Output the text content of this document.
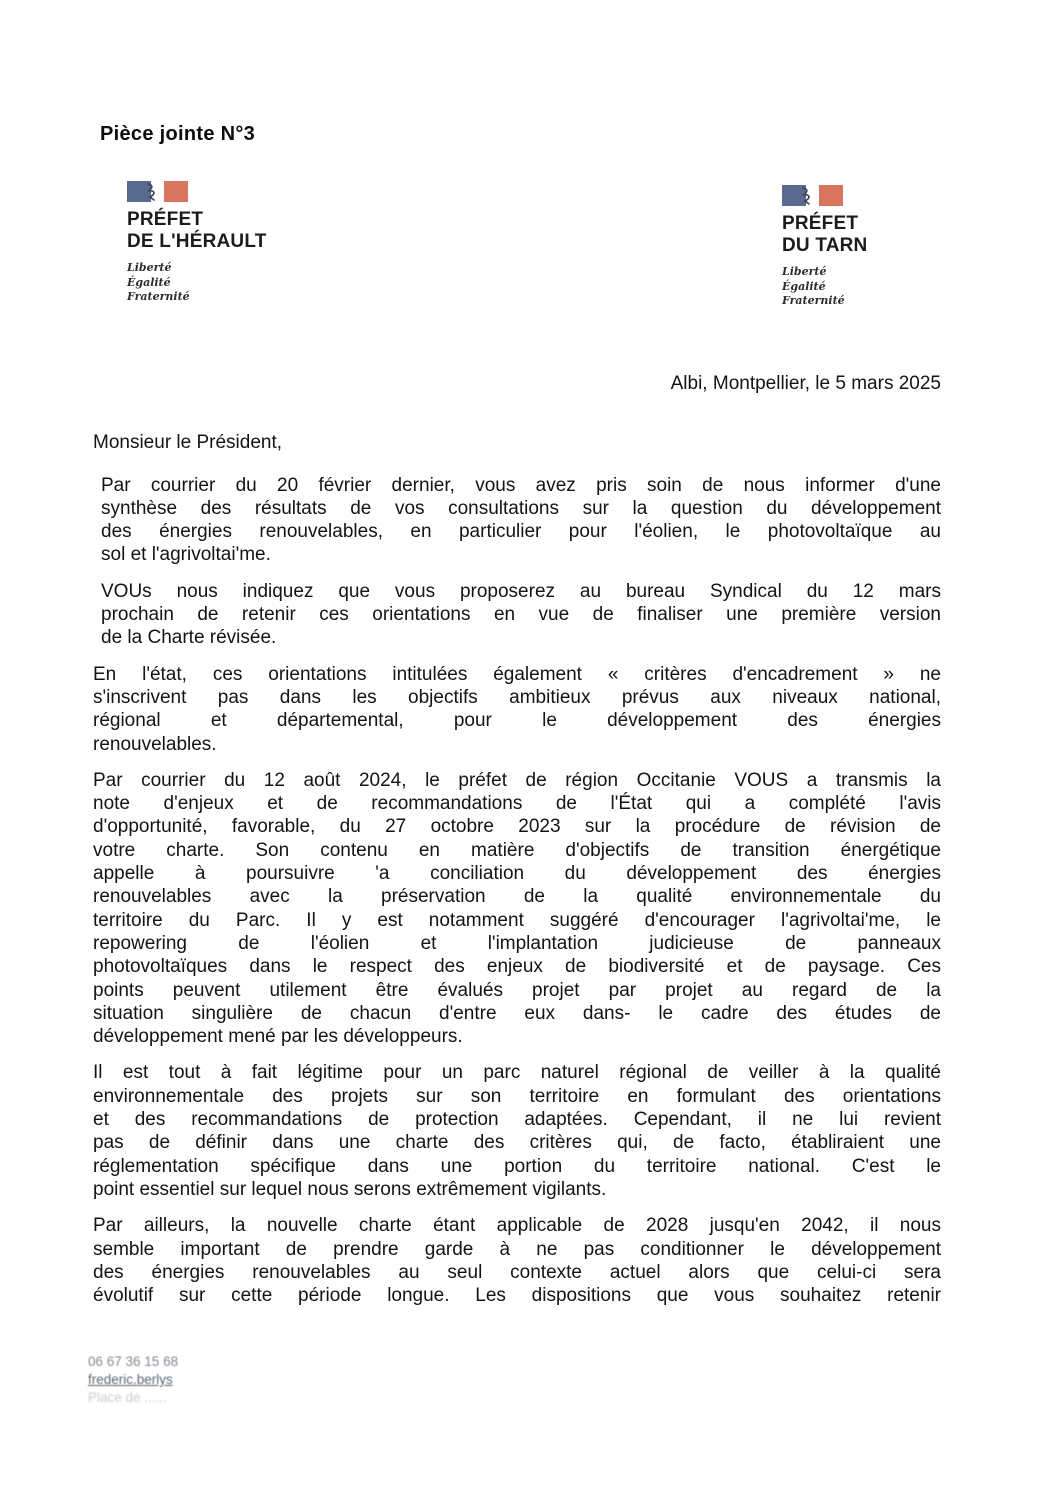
Pièce jointe N°3
PRÉFET
DE L'HÉRAULT
Liberté
Égalité
Fraternité
PRÉFET
DU TARN
Liberté
Égalité
Fraternité
Albi, Montpellier, le 5 mars 2025
Monsieur le Président,
Par courrier du 20 février dernier, vous avez pris soin de nous informer d'une
synthèse des résultats de vos consultations sur la question du développement
des énergies renouvelables, en particulier pour l'éolien, le photovoltaïque au
sol et l'agrivoltai'me.
VOUs nous indiquez que vous proposerez au bureau Syndical du 12 mars
prochain de retenir ces orientations en vue de finaliser une première version
de la Charte révisée.
En l'état, ces orientations intitulées également « critères d'encadrement » ne
s'inscrivent pas dans les objectifs ambitieux prévus aux niveaux national,
régional et départemental, pour le développement des énergies
renouvelables.
Par courrier du 12 août 2024, le préfet de région Occitanie VOUS a transmis la
note d'enjeux et de recommandations de l'État qui a complété l'avis
d'opportunité, favorable, du 27 octobre 2023 sur la procédure de révision de
votre charte. Son contenu en matière d'objectifs de transition énergétique
appelle à poursuivre 'a conciliation du développement des énergies
renouvelables avec la préservation de la qualité environnementale du
territoire du Parc. Il y est notamment suggéré d'encourager l'agrivoltai'me, le
repowering de l'éolien et l'implantation judicieuse de panneaux
photovoltaïques dans le respect des enjeux de biodiversité et de paysage. Ces
points peuvent utilement être évalués projet par projet au regard de la
situation singulière de chacun d'entre eux dans- le cadre des études de
développement mené par les développeurs.
Il est tout à fait légitime pour un parc naturel régional de veiller à la qualité
environnementale des projets sur son territoire en formulant des orientations
et des recommandations de protection adaptées. Cependant, il ne lui revient
pas de définir dans une charte des critères qui, de facto, établiraient une
réglementation spécifique dans une portion du territoire national. C'est le
point essentiel sur lequel nous serons extrêmement vigilants.
Par ailleurs, la nouvelle charte étant applicable de 2028 jusqu'en 2042, il nous
semble important de prendre garde à ne pas conditionner le développement
des énergies renouvelables au seul contexte actuel alors que celui-ci sera
évolutif sur cette période longue. Les dispositions que vous souhaitez retenir
06 67 36 15 68
frederic.berlys
Place de ......
